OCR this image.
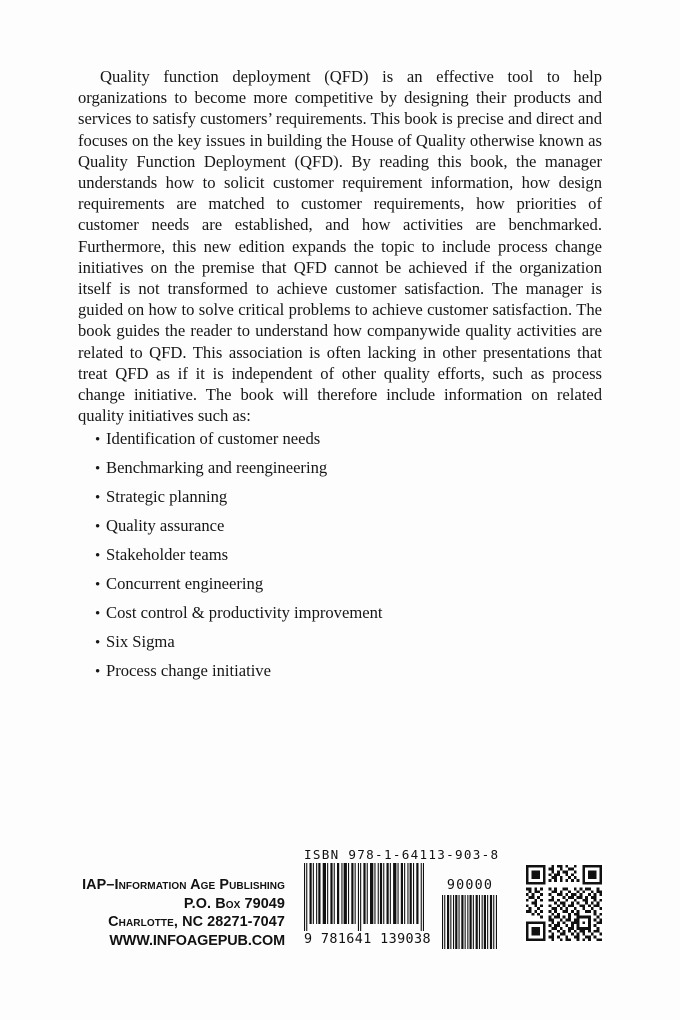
Quality function deployment (QFD) is an effective tool to help organizations to become more competitive by designing their products and services to satisfy customers’ requirements. This book is precise and direct and focuses on the key issues in building the House of Quality otherwise known as Quality Function Deployment (QFD). By reading this book, the manager understands how to solicit customer requirement information, how design requirements are matched to customer requirements, how priorities of customer needs are established, and how activities are benchmarked. Furthermore, this new edition expands the topic to include process change initiatives on the premise that QFD cannot be achieved if the organization itself is not transformed to achieve customer satisfaction. The manager is guided on how to solve critical problems to achieve customer satisfaction. The book guides the reader to understand how companywide quality activities are related to QFD. This association is often lacking in other presentations that treat QFD as if it is independent of other quality efforts, such as process change initiative. The book will therefore include information on related quality initiatives such as:
• Identification of customer needs
• Benchmarking and reengineering
• Strategic planning
• Quality assurance
• Stakeholder teams
• Concurrent engineering
• Cost control & productivity improvement
• Six Sigma
• Process change initiative
IAP–Information Age Publishing
P.O. Box 79049
Charlotte, NC 28271-7047
WWW.INFOAGEPUB.COM
ISBN 978-1-64113-903-8
90000
9 781641 139038
